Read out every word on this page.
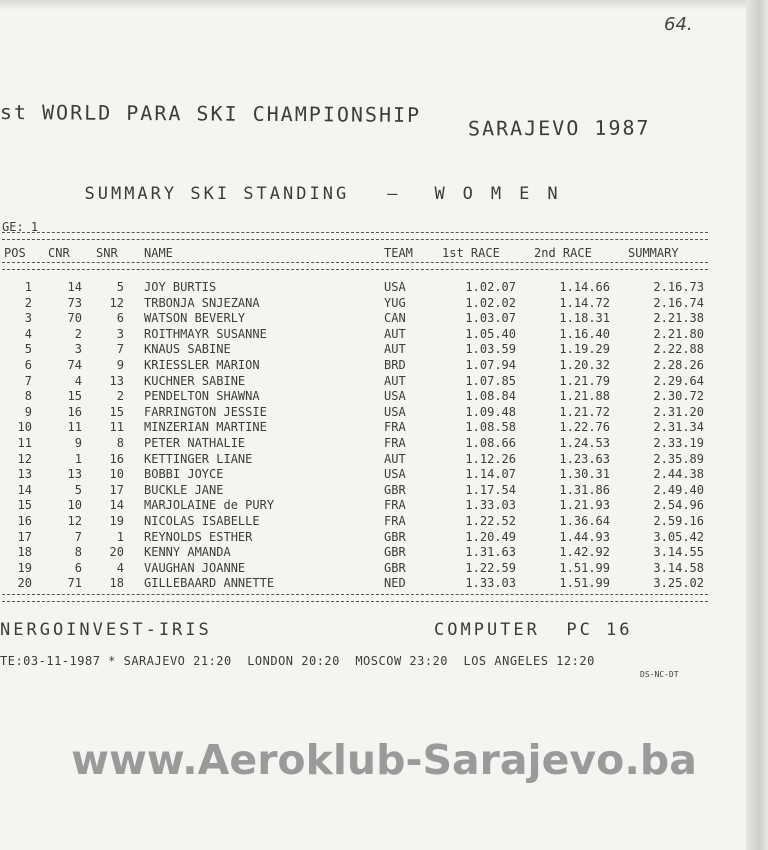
64.
st WORLD PARA SKI CHAMPIONSHIP
SARAJEVO 1987

SUMMARY SKI STANDING — WOMEN

GE: 1
POS CNR SNR NAME	TEAM 1st RACE	2nd RACE	SUMMARY
1	14	5 JOY BURTIS	USA	1.02.07	1.14.66	2.16.73
2	73	12 TRBONJA SNJEZANA	YUG	1.02.02	1.14.72	2.16.74
3	70	6 WATSON BEVERLY	CAN	1.03.07	1.18.31	2.21.38
4	2	3 ROITHMAYR SUSANNE	AUT	1.05.40	1.16.40	2.21.80
5	3	7 KNAUS SABINE	AUT	1.03.59	1.19.29	2.22.88
6	74	9 KRIESSLER MARION	BRD	1.07.94	1.20.32	2.28.26
7	4	13 KUCHNER SABINE	AUT	1.07.85	1.21.79	2.29.64
8	15	2 PENDELTON SHAWNA	USA	1.08.84	1.21.88	2.30.72
9	16	15 FARRINGTON JESSIE	USA	1.09.48	1.21.72	2.31.20
10	11	11 MINZERIAN MARTINE	FRA	1.08.58	1.22.76	2.31.34
11	9	8 PETER NATHALIE	FRA	1.08.66	1.24.53	2.33.19
12	1	16 KETTINGER LIANE	AUT	1.12.26	1.23.63	2.35.89
13	13	10 BOBBI JOYCE	USA	1.14.07	1.30.31	2.44.38
14	5	17 BUCKLE JANE	GBR	1.17.54	1.31.86	2.49.40
15	10	14 MARJOLAINE de PURY	FRA	1.33.03	1.21.93	2.54.96
16	12	19 NICOLAS ISABELLE	FRA	1.22.52	1.36.64	2.59.16
17	7	1 REYNOLDS ESTHER	GBR	1.20.49	1.44.93	3.05.42
18	8	20 KENNY AMANDA	GBR	1.31.63	1.42.92	3.14.55
19	6	4 VAUGHAN JOANNE	GBR	1.22.59	1.51.99	3.14.58
20	71	18 GILLEBAARD ANNETTE	NED	1.33.03	1.51.99	3.25.02
NERGOINVEST-IRIS	COMPUTER  PC 16
TE:03-11-1987 * SARAJEVO 21:20  LONDON 20:20  MOSCOW 23:20  LOS ANGELES 12:20
DS-NC-DT
www.Aeroklub-Sarajevo.ba
